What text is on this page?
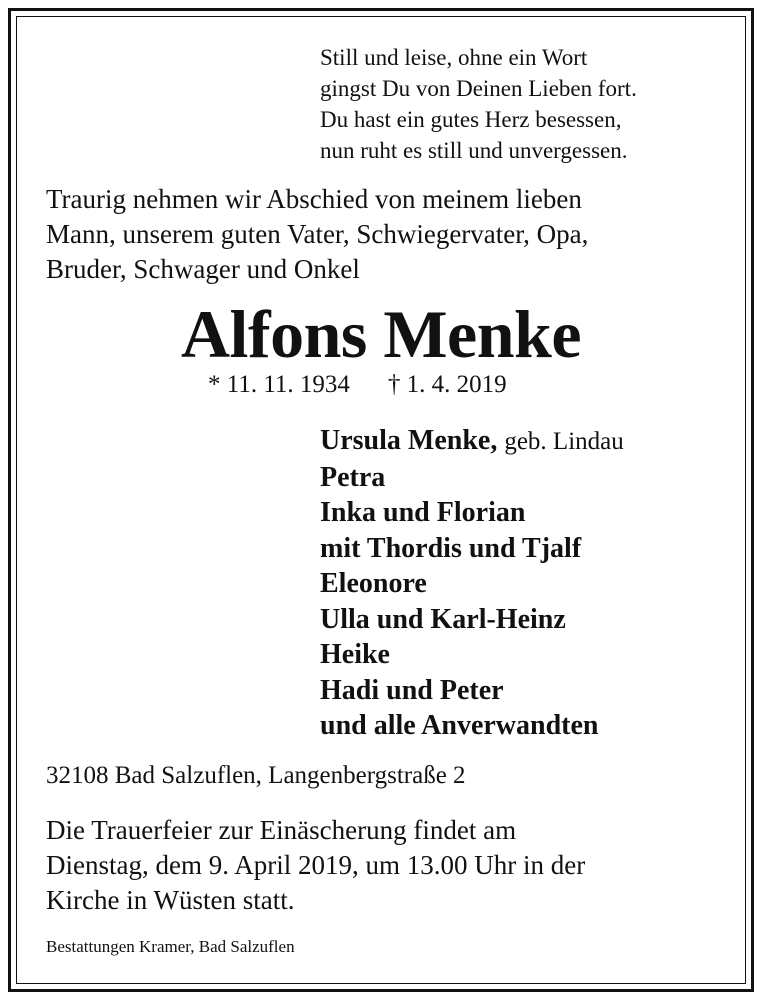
Still und leise, ohne ein Wort
gingst Du von Deinen Lieben fort.
Du hast ein gutes Herz besessen,
nun ruht es still und unvergessen.
Traurig nehmen wir Abschied von meinem lieben
Mann, unserem guten Vater, Schwiegervater, Opa,
Bruder, Schwager und Onkel
Alfons Menke
* 11. 11. 1934 † 1. 4. 2019
Ursula Menke, geb. Lindau
Petra
Inka und Florian
mit Thordis und Tjalf
Eleonore
Ulla und Karl-Heinz
Heike
Hadi und Peter
und alle Anverwandten
32108 Bad Salzuflen, Langenbergstraße 2
Die Trauerfeier zur Einäscherung findet am
Dienstag, dem 9. April 2019, um 13.00 Uhr in der
Kirche in Wüsten statt.
Bestattungen Kramer, Bad Salzuflen
